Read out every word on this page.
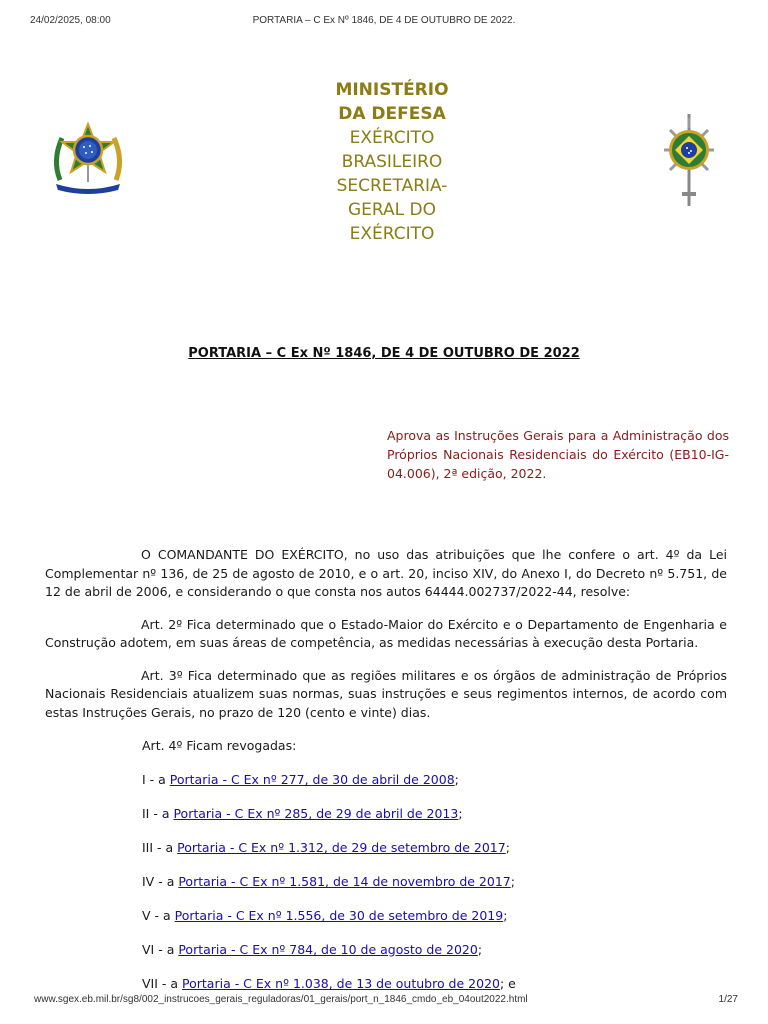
24/02/2025, 08:00	PORTARIA – C Ex Nº 1846, DE 4 DE OUTUBRO DE 2022.
MINISTÉRIO
DA DEFESA
EXÉRCITO
BRASILEIRO
SECRETARIA-
GERAL DO
EXÉRCITO
PORTARIA – C Ex Nº 1846, DE 4 DE OUTUBRO DE 2022
Aprova as Instruções Gerais para a Administração dos Próprios Nacionais Residenciais do Exército (EB10-IG-04.006), 2ª edição, 2022.

O COMANDANTE DO EXÉRCITO, no uso das atribuições que lhe confere o art. 4º da Lei Complementar nº 136, de 25 de agosto de 2010, e o art. 20, inciso XIV, do Anexo I, do Decreto nº 5.751, de 12 de abril de 2006, e considerando o que consta nos autos 64444.002737/2022-44, resolve:

Art. 2º Fica determinado que o Estado-Maior do Exército e o Departamento de Engenharia e Construção adotem, em suas áreas de competência, as medidas necessárias à execução desta Portaria.

Art. 3º Fica determinado que as regiões militares e os órgãos de administração de Próprios Nacionais Residenciais atualizem suas normas, suas instruções e seus regimentos internos, de acordo com estas Instruções Gerais, no prazo de 120 (cento e vinte) dias.

Art. 4º Ficam revogadas:

I - a Portaria - C Ex nº 277, de 30 de abril de 2008;

II - a Portaria - C Ex nº 285, de 29 de abril de 2013;

III - a Portaria - C Ex nº 1.312, de 29 de setembro de 2017;

IV - a Portaria - C Ex nº 1.581, de 14 de novembro de 2017;

V - a Portaria - C Ex nº 1.556, de 30 de setembro de 2019;

VI - a Portaria - C Ex nº 784, de 10 de agosto de 2020;

VII - a Portaria - C Ex nº 1.038, de 13 de outubro de 2020; e

www.sgex.eb.mil.br/sg8/002_instrucoes_gerais_reguladoras/01_gerais/port_n_1846_cmdo_eb_04out2022.html	1/27
